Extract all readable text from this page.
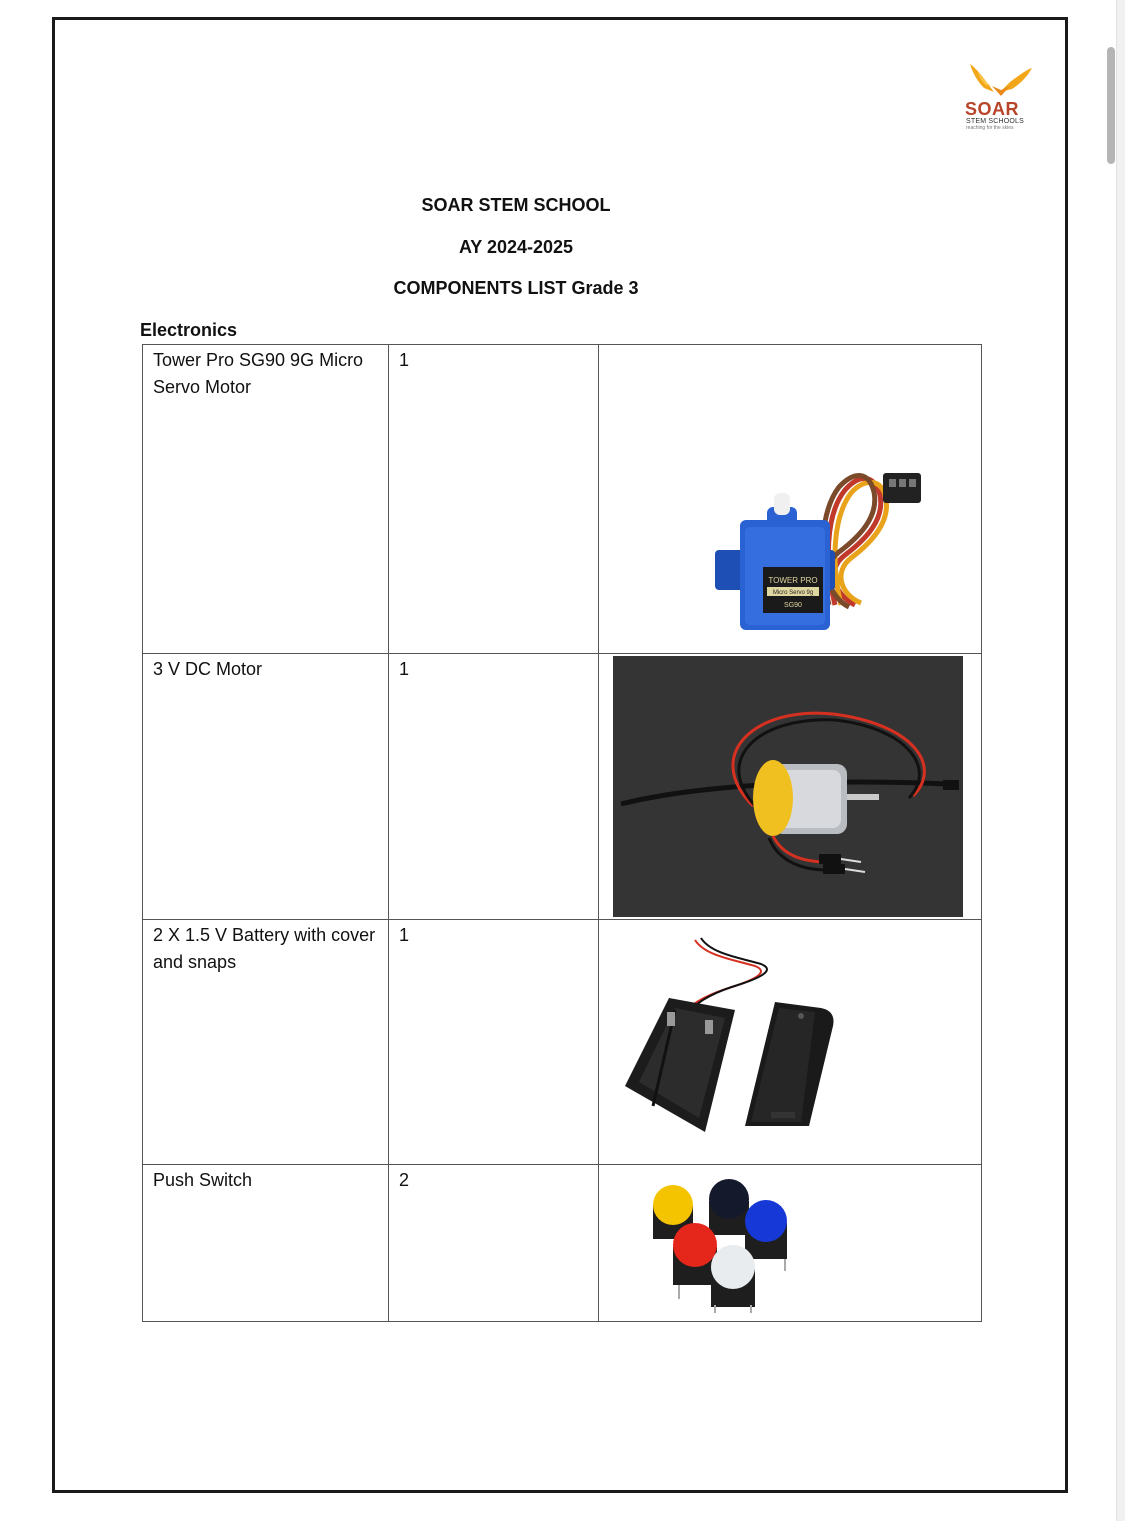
SOAR
STEM SCHOOLS
reaching for the skies
SOAR STEM SCHOOL
AY 2024-2025
COMPONENTS LIST Grade 3
Electronics
Tower Pro SG90 9G Micro Servo Motor	1	TOWER PRO
Micro Servo 9g
SG90

3 V DC Motor	1

2 X 1.5 V Battery with cover and snaps	1

Push Switch	2
